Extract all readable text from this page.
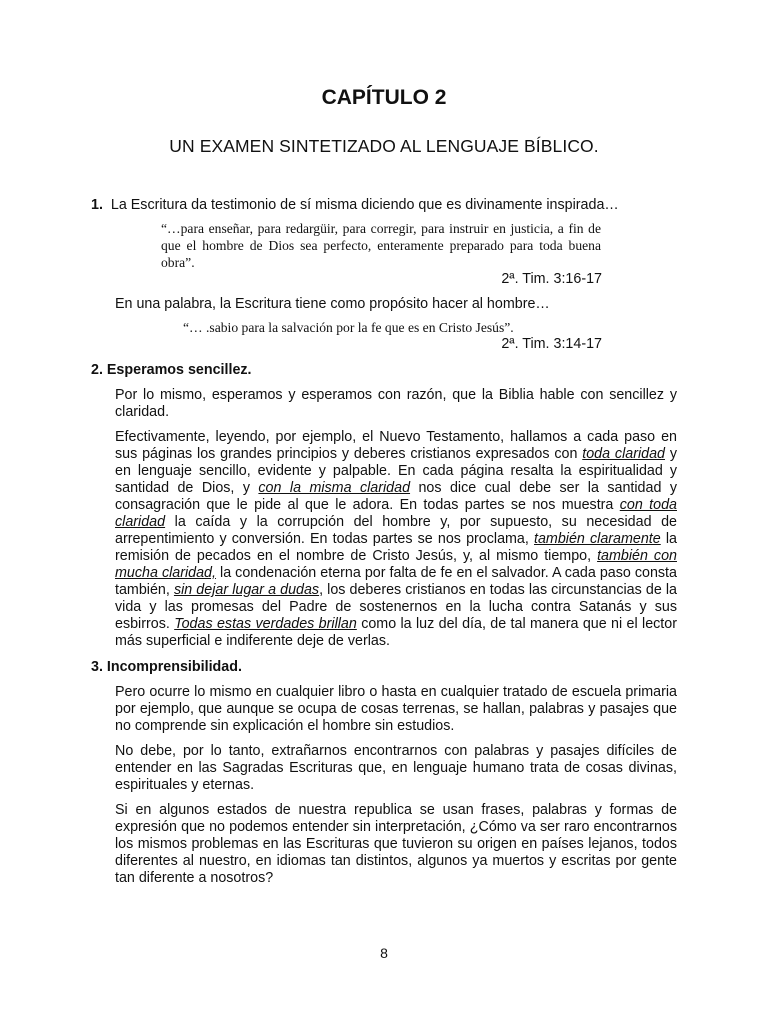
CAPÍTULO 2
UN EXAMEN SINTETIZADO AL LENGUAJE BÍBLICO.

1. La Escritura da testimonio de sí misma diciendo que es divinamente inspirada…

“…para enseñar, para redargüir, para corregir, para instruir en justicia, a fin de que el hombre de Dios sea perfecto, enteramente preparado para toda buena obra”.

2ª. Tim. 3:16-17

En una palabra, la Escritura tiene como propósito hacer al hombre…

“… .sabio para la salvación por la fe que es en Cristo Jesús”.

2ª. Tim. 3:14-17

2. Esperamos sencillez.

Por lo mismo, esperamos y esperamos con razón, que la Biblia hable con sencillez y claridad.

Efectivamente, leyendo, por ejemplo, el Nuevo Testamento, hallamos a cada paso en sus páginas los grandes principios y deberes cristianos expresados con toda claridad y en lenguaje sencillo, evidente y palpable. En cada página resalta la espiritualidad y santidad de Dios, y con la misma claridad nos dice cual debe ser la santidad y consagración que le pide al que le adora. En todas partes se nos muestra con toda claridad la caída y la corrupción del hombre y, por supuesto, su necesidad de arrepentimiento y conversión. En todas partes se nos proclama, también claramente la remisión de pecados en el nombre de Cristo Jesús, y, al mismo tiempo, también con mucha claridad, la condenación eterna por falta de fe en el salvador. A cada paso consta también, sin dejar lugar a dudas, los deberes cristianos en todas las circunstancias de la vida y las promesas del Padre de sostenernos en la lucha contra Satanás y sus esbirros. Todas estas verdades brillan como la luz del día, de tal manera que ni el lector más superficial e indiferente deje de verlas.

3. Incomprensibilidad.

Pero ocurre lo mismo en cualquier libro o hasta en cualquier tratado de escuela primaria por ejemplo, que aunque se ocupa de cosas terrenas, se hallan, palabras y pasajes que no comprende sin explicación el hombre sin estudios.

No debe, por lo tanto, extrañarnos encontrarnos con palabras y pasajes difíciles de entender en las Sagradas Escrituras que, en lenguaje humano trata de cosas divinas, espirituales y eternas.

Si en algunos estados de nuestra republica se usan frases, palabras y formas de expresión que no podemos entender sin interpretación, ¿Cómo va ser raro encontrarnos los mismos problemas en las Escrituras que tuvieron su origen en países lejanos, todos diferentes al nuestro, en idiomas tan distintos, algunos ya muertos y escritas por gente tan diferente a nosotros?

8
